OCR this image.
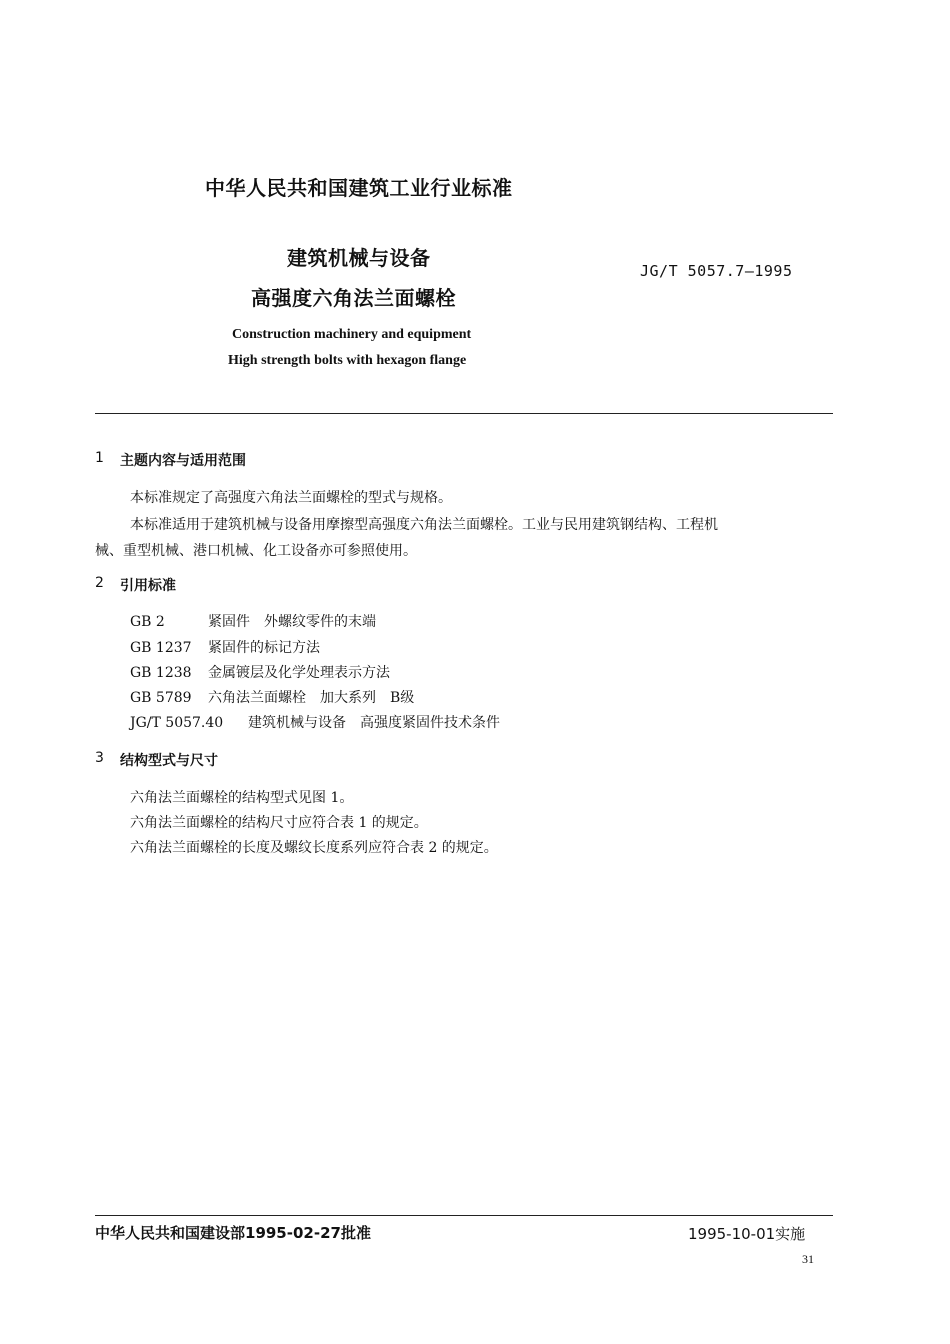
中华人民共和国建筑工业行业标准
建筑机械与设备
高强度六角法兰面螺栓
JG/T 5057.7—1995
Construction machinery and equipment
High strength bolts with hexagon flange
1 主题内容与适用范围
本标准规定了高强度六角法兰面螺栓的型式与规格。
本标准适用于建筑机械与设备用摩擦型高强度六角法兰面螺栓。工业与民用建筑钢结构、工程机
械、重型机械、港口机械、化工设备亦可参照使用。
2 引用标准
GB 2	紧固件　外螺纹零件的末端
GB 1237 紧固件的标记方法
GB 1238 金属镀层及化学处理表示方法
GB 5789 六角法兰面螺栓　加大系列　B级
JG/T 5057.40 建筑机械与设备　高强度紧固件技术条件
3 结构型式与尺寸
六角法兰面螺栓的结构型式见图 1。
六角法兰面螺栓的结构尺寸应符合表 1 的规定。
六角法兰面螺栓的长度及螺纹长度系列应符合表 2 的规定。
中华人民共和国建设部1995-02-27批准	1995-10-01实施
31
